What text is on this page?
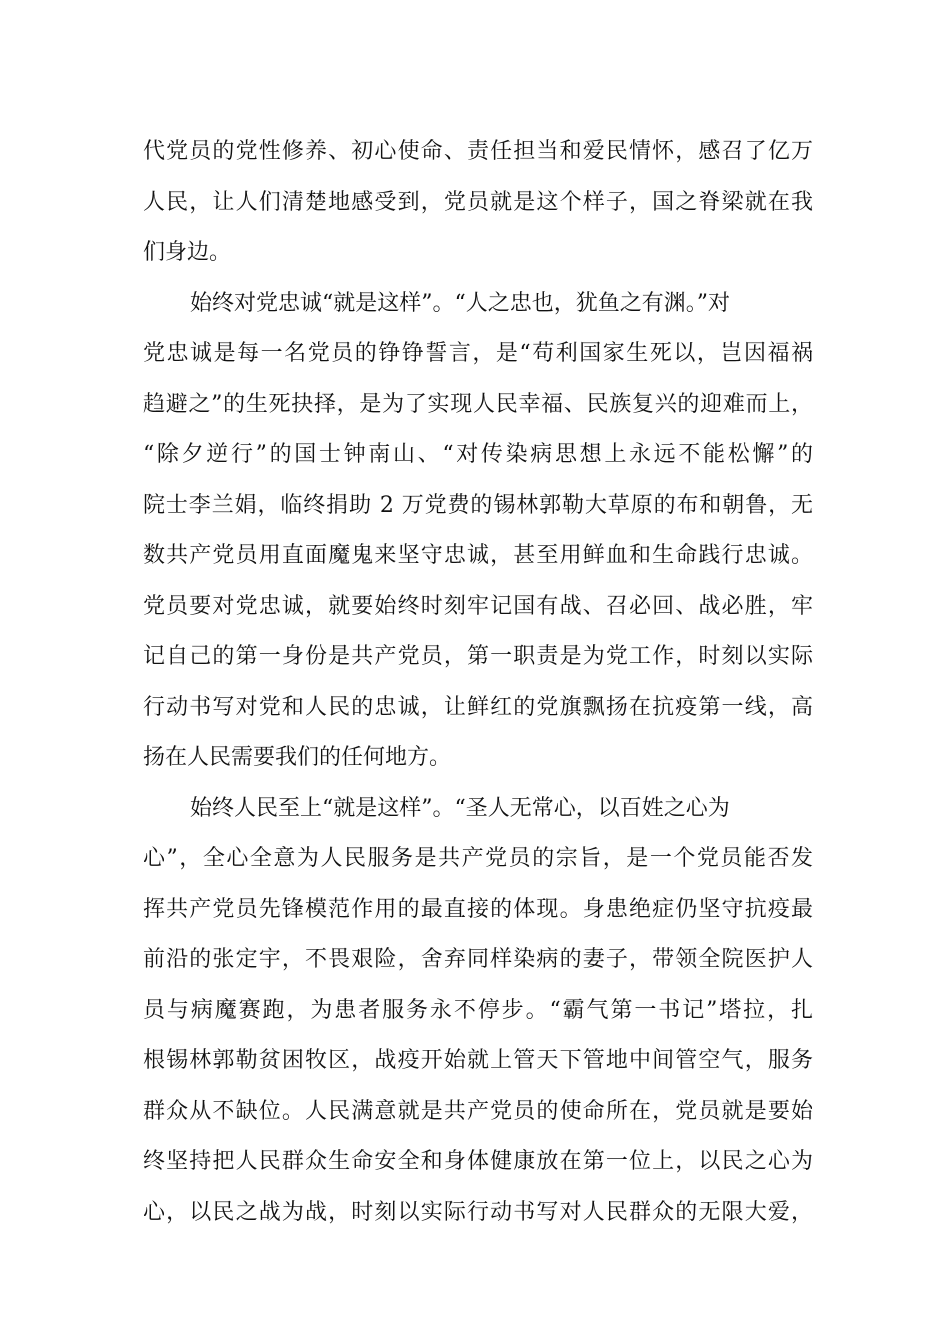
代党员的党性修养、初心使命、责任担当和爱民情怀，感召了亿万
人民，让人们清楚地感受到，党员就是这个样子，国之脊梁就在我
们身边。
始终对党忠诚“就是这样”。“人之忠也，犹鱼之有渊。”对
党忠诚是每一名党员的铮铮誓言，是“苟利国家生死以，岂因福祸
趋避之”的生死抉择，是为了实现人民幸福、民族复兴的迎难而上，
“除夕逆行”的国士钟南山、“对传染病思想上永远不能松懈”的
院士李兰娟，临终捐助 2 万党费的锡林郭勒大草原的布和朝鲁，无
数共产党员用直面魔鬼来坚守忠诚，甚至用鲜血和生命践行忠诚。
党员要对党忠诚，就要始终时刻牢记国有战、召必回、战必胜，牢
记自己的第一身份是共产党员，第一职责是为党工作，时刻以实际
行动书写对党和人民的忠诚，让鲜红的党旗飘扬在抗疫第一线，高
扬在人民需要我们的任何地方。
始终人民至上“就是这样”。“圣人无常心，以百姓之心为
心”，全心全意为人民服务是共产党员的宗旨，是一个党员能否发
挥共产党员先锋模范作用的最直接的体现。身患绝症仍坚守抗疫最
前沿的张定宇，不畏艰险，舍弃同样染病的妻子，带领全院医护人
员与病魔赛跑，为患者服务永不停步。“霸气第一书记”塔拉，扎
根锡林郭勒贫困牧区，战疫开始就上管天下管地中间管空气，服务
群众从不缺位。人民满意就是共产党员的使命所在，党员就是要始
终坚持把人民群众生命安全和身体健康放在第一位上，以民之心为
心，以民之战为战，时刻以实际行动书写对人民群众的无限大爱，
